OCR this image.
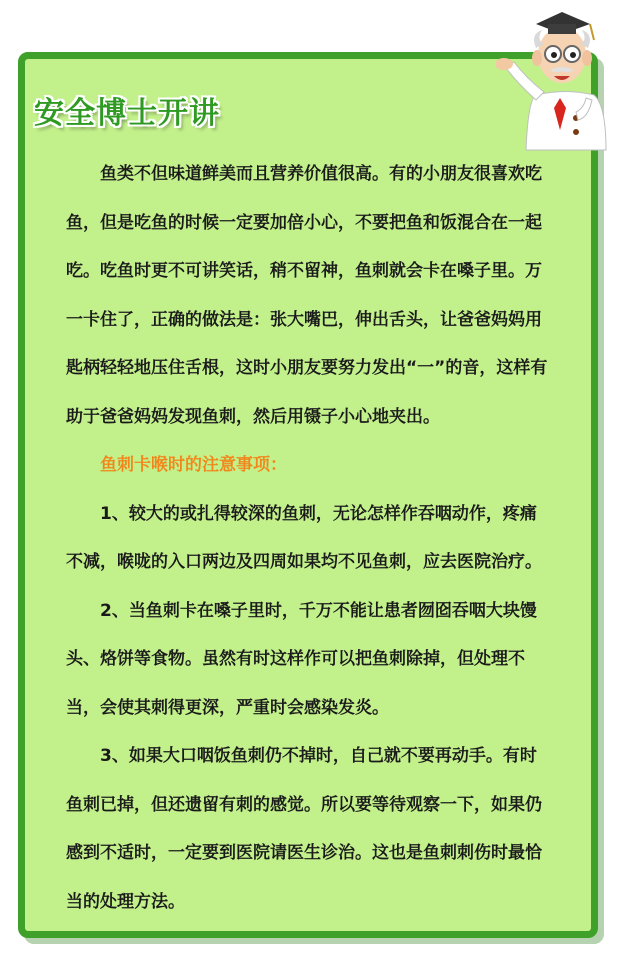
安全博士开讲

鱼类不但味道鲜美而且营养价值很高。有的小朋友很喜欢吃鱼，但是吃鱼的时候一定要加倍小心，不要把鱼和饭混合在一起吃。吃鱼时更不可讲笑话，稍不留神，鱼刺就会卡在嗓子里。万一卡住了，正确的做法是：张大嘴巴，伸出舌头，让爸爸妈妈用匙柄轻轻地压住舌根，这时小朋友要努力发出“一”的音，这样有助于爸爸妈妈发现鱼刺，然后用镊子小心地夹出。

鱼刺卡喉时的注意事项：

1、较大的或扎得较深的鱼刺，无论怎样作吞咽动作，疼痛不减，喉咙的入口两边及四周如果均不见鱼刺，应去医院治疗。

2、当鱼刺卡在嗓子里时，千万不能让患者囫囵吞咽大块馒头、烙饼等食物。虽然有时这样作可以把鱼刺除掉，但处理不当，会使其刺得更深，严重时会感染发炎。

3、如果大口咽饭鱼刺仍不掉时，自己就不要再动手。有时鱼刺已掉，但还遗留有刺的感觉。所以要等待观察一下，如果仍感到不适时，一定要到医院请医生诊治。这也是鱼刺刺伤时最恰当的处理方法。
